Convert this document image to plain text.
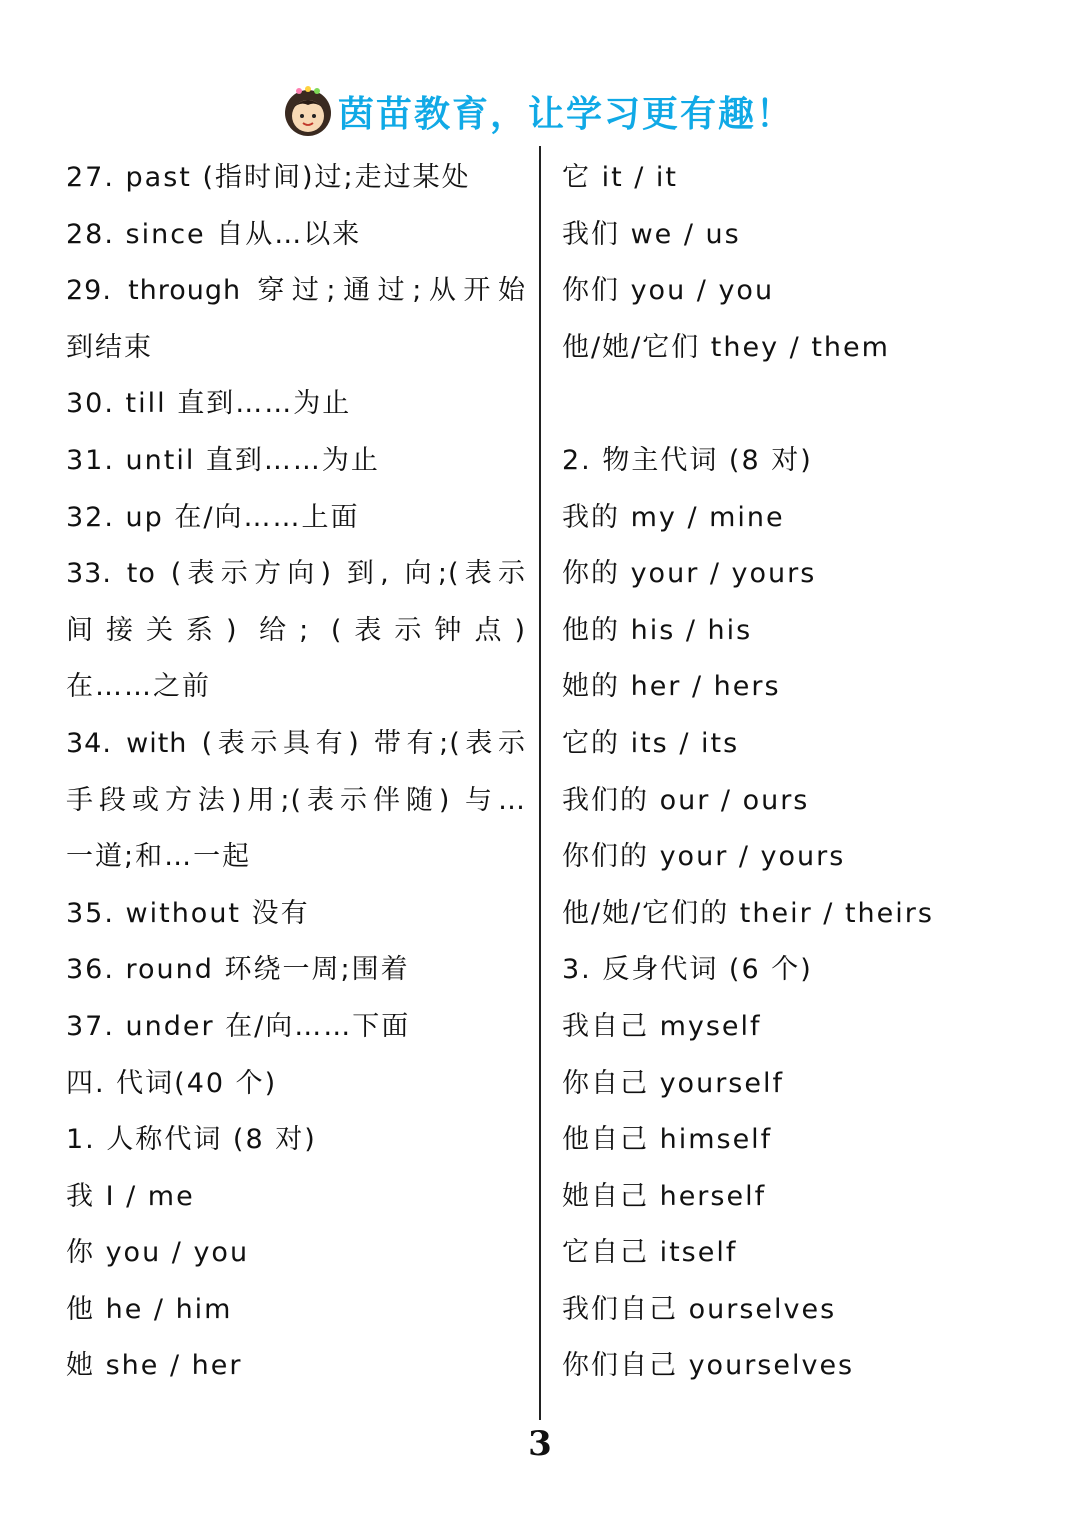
茵苗教育，让学习更有趣！
27. past (指时间)过;走过某处
28. since 自从…以来
29. through 穿过;通过;从开始
到结束
30. till 直到……为止
31. until 直到……为止
32. up 在/向……上面
33. to (表示方向) 到, 向;(表示
间接关系) 给; (表示钟点)
在……之前
34. with (表示具有) 带有;(表示
手段或方法)用;(表示伴随) 与…
一道;和…一起
35. without 没有
36. round 环绕一周;围着
37. under 在/向……下面
四. 代词(40 个)
1. 人称代词 (8 对)
我 I / me
你 you / you
他 he / him
她 she / her
它 it / it
我们 we / us
你们 you / you
他/她/它们 they / them
2. 物主代词 (8 对)
我的 my / mine
你的 your / yours
他的 his / his
她的 her / hers
它的 its / its
我们的 our / ours
你们的 your / yours
他/她/它们的 their / theirs
3. 反身代词 (6 个)
我自己 myself
你自己 yourself
他自己 himself
她自己 herself
它自己 itself
我们自己 ourselves
你们自己 yourselves
3
